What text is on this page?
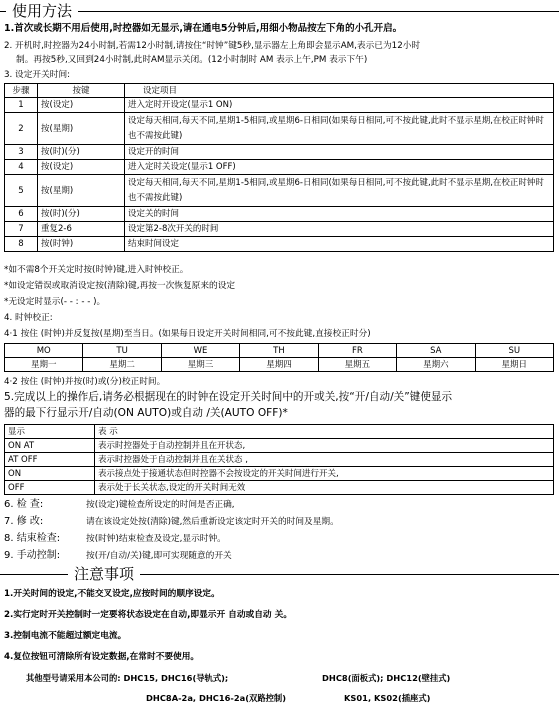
使用方法
1.首次或长期不用后使用,时控器如无显示,请在通电5分钟后,用细小物品按左下角的小孔开启。
2. 开机时,时控器为24小时制,若需12小时制,请按住“时钟”键5秒,显示器左上角即会显示AM,表示已为12小时
制。再按5秒,又回到24小时制,此时AM显示关闭。(12小时制时 AM 表示上午,PM 表示下午)
3. 设定开关时间:
步骤	按键	设定项目
1	按(设定)	进入定时开设定(显示1 ON)
2	按(星期)	设定每天相同,每天不同,星期1-5相同,或星期6-日相同(如果每日相同,可不按此键,此时不显示星期,在校正时钟时也不需按此键)
3	按(时)(分)	设定开的时间
4	按(设定)	进入定时关设定(显示1 OFF)
5	按(星期)	设定每天相同,每天不同,星期1-5相同,或星期6-日相同(如果每日相同,可不按此键,此时不显示星期,在校正时钟时也不需按此键)
6	按(时)(分)	设定关的时间
7	重复2-6	设定第2-8次开关的时间
8	按(时钟)	结束时间设定
*如不需8个开关定时按(时钟)键,进入时钟校正。
*如设定错误或取消设定按(清除)键,再按一次恢复原来的设定
*无设定时显示(- - : - - )。
4. 时钟校正:
4·1 按住 (时钟)并反复按(星期)至当日。(如果每日设定开关时间相同,可不按此键,直接校正时分)
MO	TU	WE	TH	FR	SA	SU
星期一	星期二	星期三	星期四	星期五	星期六	星期日
4·2 按住 (时钟)并按(时)或(分)校正时间。
5.完成以上的操作后,请务必根据现在的时钟在设定开关时间中的开或关,按“开/自动/关”键使显示
器的最下行显示开/自动(ON AUTO)或自动 /关(AUTO OFF)*
显示	表 示
ON AT	表示时控器处于自动控制并且在开状态,
AT OFF	表示时控器处于自动控制并且在关状态 ,
ON	表示接点处于接通状态但时控器不会按设定的开关时间进行开关,
OFF	表示处于长关状态,设定的开关时间无效
6. 检 查:	按(设定)键检查所设定的时间是否正确,
7. 修 改:	请在该设定处按(清除)键,然后重新设定该定时开关的时间及星期。
8. 结束检查:	按(时钟)结束检查及设定,显示时钟。
9. 手动控制:	按(开/自动/关)键,即可实现随意的开关
注意事项
1.开关时间的设定,不能交叉设定,应按时间的顺序设定。
2.实行定时开关控制时一定要将状态设定在自动,即显示开 自动或自动 关。
3.控制电流不能超过额定电流。
4.复位按钮可清除所有设定数据,在常时不要使用。
其他型号请采用本公司的: DHC15, DHC16(导轨式);	DHC8(面板式); DHC12(壁挂式)
DHC8A-2a, DHC16-2a(双路控制)	KS01, KS02(插座式)
